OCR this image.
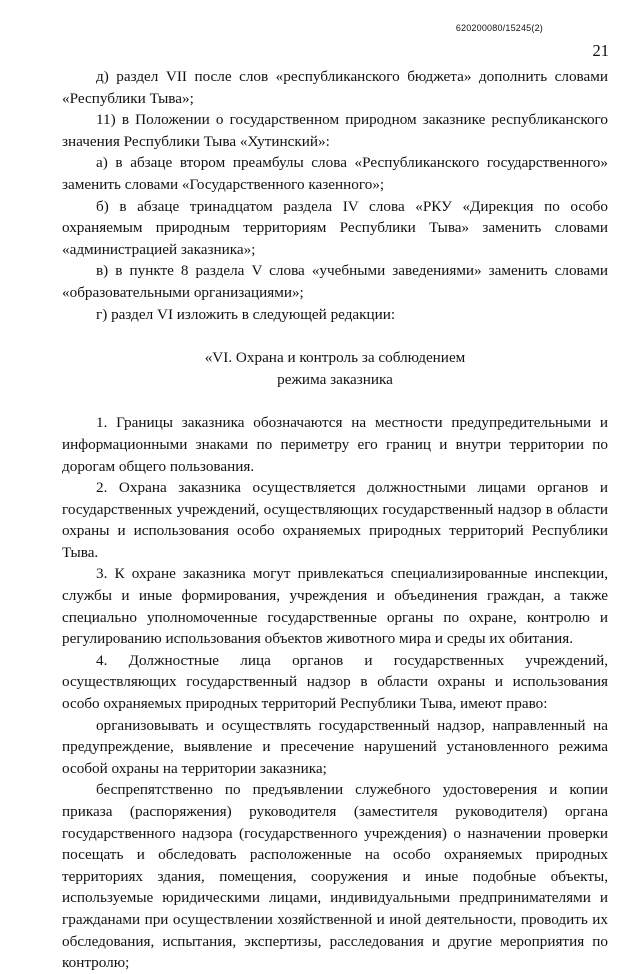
620200080/15245(2)
21

д) раздел VII после слов «республиканского бюджета» дополнить словами «Республики Тыва»;

11) в Положении о государственном природном заказнике республиканского значения Республики Тыва «Хутинский»:

а) в абзаце втором преамбулы слова «Республиканского государственного» заменить словами «Государственного казенного»;

б) в абзаце тринадцатом раздела IV слова «РКУ «Дирекция по особо охраняемым природным территориям Республики Тыва» заменить словами «администрацией заказника»;

в) в пункте 8 раздела V слова «учебными заведениями» заменить словами «образовательными организациями»;

г) раздел VI изложить в следующей редакции:

«VI. Охрана и контроль за соблюдением

режима заказника

1. Границы заказника обозначаются на местности предупредительными и информационными знаками по периметру его границ и внутри территории по дорогам общего пользования.

2. Охрана заказника осуществляется должностными лицами органов и государственных учреждений, осуществляющих государственный надзор в области охраны и использования особо охраняемых природных территорий Республики Тыва.

3. К охране заказника могут привлекаться специализированные инспекции, службы и иные формирования, учреждения и объединения граждан, а также специально уполномоченные государственные органы по охране, контролю и регулированию использования объектов животного мира и среды их обитания.

4. Должностные лица органов и государственных учреждений, осуществляющих государственный надзор в области охраны и использования особо охраняемых природных территорий Республики Тыва, имеют право:

организовывать и осуществлять государственный надзор, направленный на предупреждение, выявление и пресечение нарушений установленного режима особой охраны на территории заказника;

беспрепятственно по предъявлении служебного удостоверения и копии приказа (распоряжения) руководителя (заместителя руководителя) органа государственного надзора (государственного учреждения) о назначении проверки посещать и обследовать расположенные на особо охраняемых природных территориях здания, помещения, сооружения и иные подобные объекты, используемые юридическими лицами, индивидуальными предпринимателями и гражданами при осуществлении хозяйственной и иной деятельности, проводить их обследования, испытания, экспертизы, расследования и другие мероприятия по контролю;
